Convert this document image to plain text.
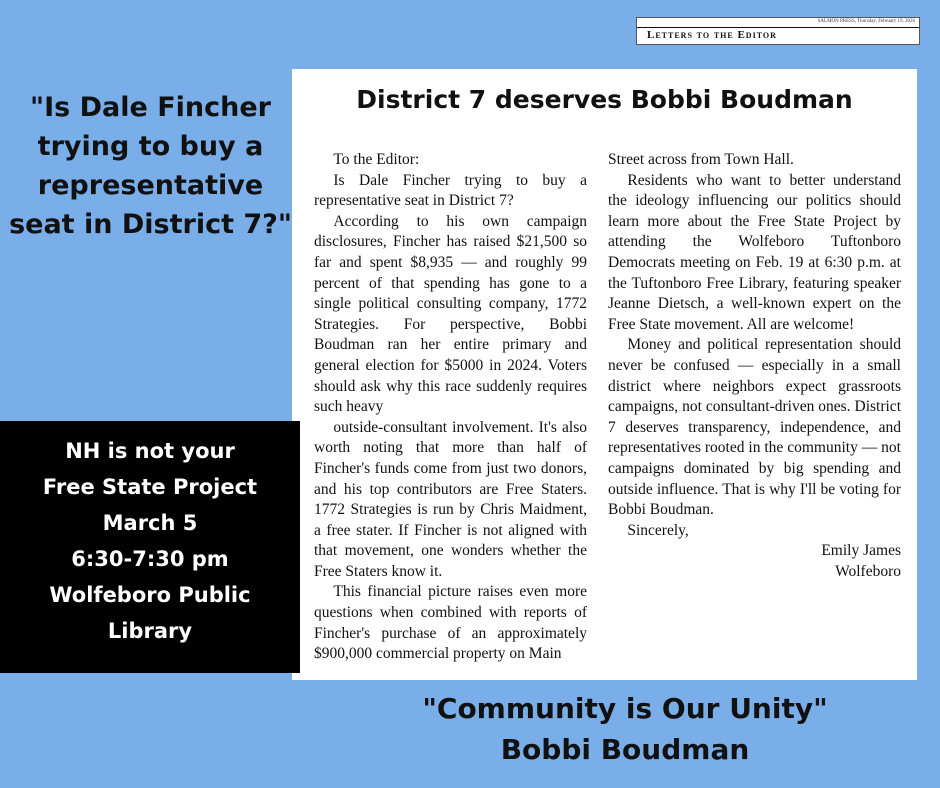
"Is Dale Fincher trying to buy a representative seat in District 7?"
SALMON PRESS, Thursday, February 19, 2026
Letters to the Editor
District 7 deserves Bobbi Boudman

To the Editor:

Is Dale Fincher trying to buy a representative seat in District 7?

According to his own campaign disclosures, Fincher has raised $21,500 so far and spent $8,935 — and roughly 99 percent of that spending has gone to a single political consulting company, 1772 Strategies. For perspective, Bobbi Boudman ran her entire primary and general election for $5000 in 2024. Voters should ask why this race suddenly requires such heavy

outside-consultant involvement. It's also worth noting that more than half of Fincher's funds come from just two donors, and his top contributors are Free Staters. 1772 Strategies is run by Chris Maidment, a free stater. If Fincher is not aligned with that movement, one wonders whether the Free Staters know it.

This financial picture raises even more questions when combined with reports of Fincher's purchase of an approximately $900,000 commercial property on Main

Street across from Town Hall.

Residents who want to better understand the ideology influencing our politics should learn more about the Free State Project by attending the Wolfeboro Tuftonboro Democrats meeting on Feb. 19 at 6:30 p.m. at the Tuftonboro Free Library, featuring speaker Jeanne Dietsch, a well-known expert on the Free State movement. All are welcome!

Money and political representation should never be confused — especially in a small district where neighbors expect grassroots campaigns, not consultant-driven ones. District 7 deserves transparency, independence, and representatives rooted in the community — not campaigns dominated by big spending and outside influence. That is why I'll be voting for Bobbi Boudman.

Sincerely,

Emily James

Wolfeboro

NH is not your
Free State Project
March 5
6:30-7:30 pm
Wolfeboro Public
Library
"Community is Our Unity"
Bobbi Boudman
